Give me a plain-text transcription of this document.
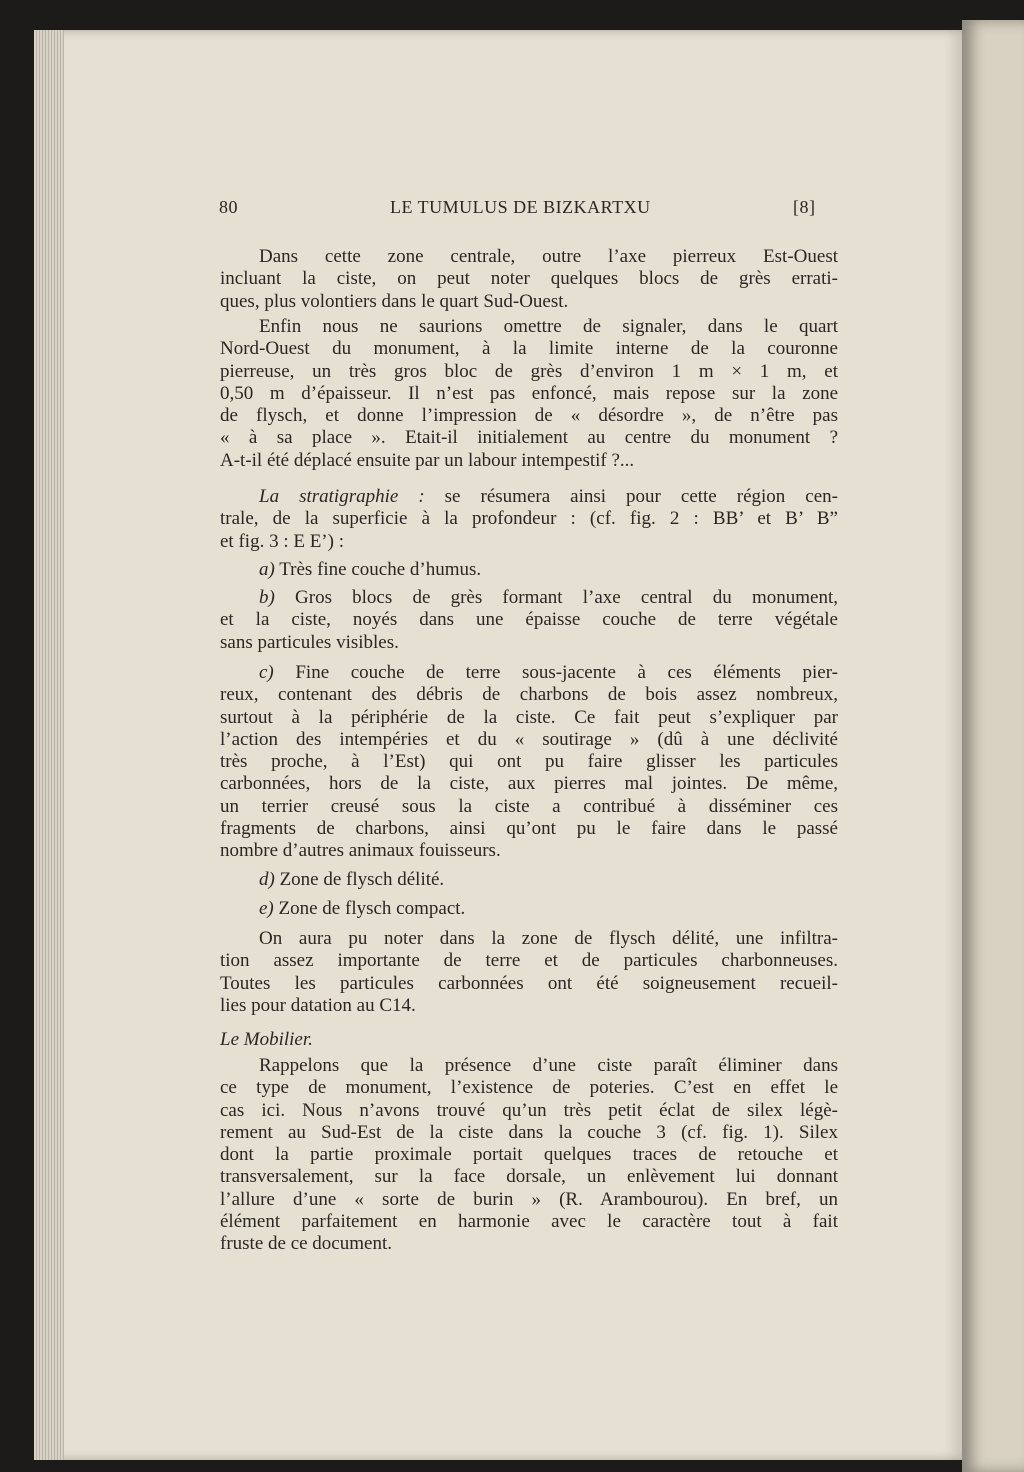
80	LE TUMULUS DE BIZKARTXU	[8]
Dans cette zone centrale, outre l’axe pierreux Est-Ouest
incluant la ciste, on peut noter quelques blocs de grès errati-
ques, plus volontiers dans le quart Sud-Ouest.
Enfin nous ne saurions omettre de signaler, dans le quart
Nord-Ouest du monument, à la limite interne de la couronne
pierreuse, un très gros bloc de grès d’environ 1 m × 1 m, et
0,50 m d’épaisseur. Il n’est pas enfoncé, mais repose sur la zone
de flysch, et donne l’impression de « désordre », de n’être pas
« à sa place ». Etait-il initialement au centre du monument ?
A-t-il été déplacé ensuite par un labour intempestif ?...
La stratigraphie : se résumera ainsi pour cette région cen-
trale, de la superficie à la profondeur : (cf. fig. 2 : BB’ et B’ B”
et fig. 3 : E E’) :
a) Très fine couche d’humus.
b) Gros blocs de grès formant l’axe central du monument,
et la ciste, noyés dans une épaisse couche de terre végétale
sans particules visibles.
c) Fine couche de terre sous-jacente à ces éléments pier-
reux, contenant des débris de charbons de bois assez nombreux,
surtout à la périphérie de la ciste. Ce fait peut s’expliquer par
l’action des intempéries et du « soutirage » (dû à une déclivité
très proche, à l’Est) qui ont pu faire glisser les particules
carbonnées, hors de la ciste, aux pierres mal jointes. De même,
un terrier creusé sous la ciste a contribué à disséminer ces
fragments de charbons, ainsi qu’ont pu le faire dans le passé
nombre d’autres animaux fouisseurs.
d) Zone de flysch délité.
e) Zone de flysch compact.
On aura pu noter dans la zone de flysch délité, une infiltra-
tion assez importante de terre et de particules charbonneuses.
Toutes les particules carbonnées ont été soigneusement recueil-
lies pour datation au C14.
Le Mobilier.
Rappelons que la présence d’une ciste paraît éliminer dans
ce type de monument, l’existence de poteries. C’est en effet le
cas ici. Nous n’avons trouvé qu’un très petit éclat de silex légè-
rement au Sud-Est de la ciste dans la couche 3 (cf. fig. 1). Silex
dont la partie proximale portait quelques traces de retouche et
transversalement, sur la face dorsale, un enlèvement lui donnant
l’allure d’une « sorte de burin » (R. Arambourou). En bref, un
élément parfaitement en harmonie avec le caractère tout à fait
fruste de ce document.
